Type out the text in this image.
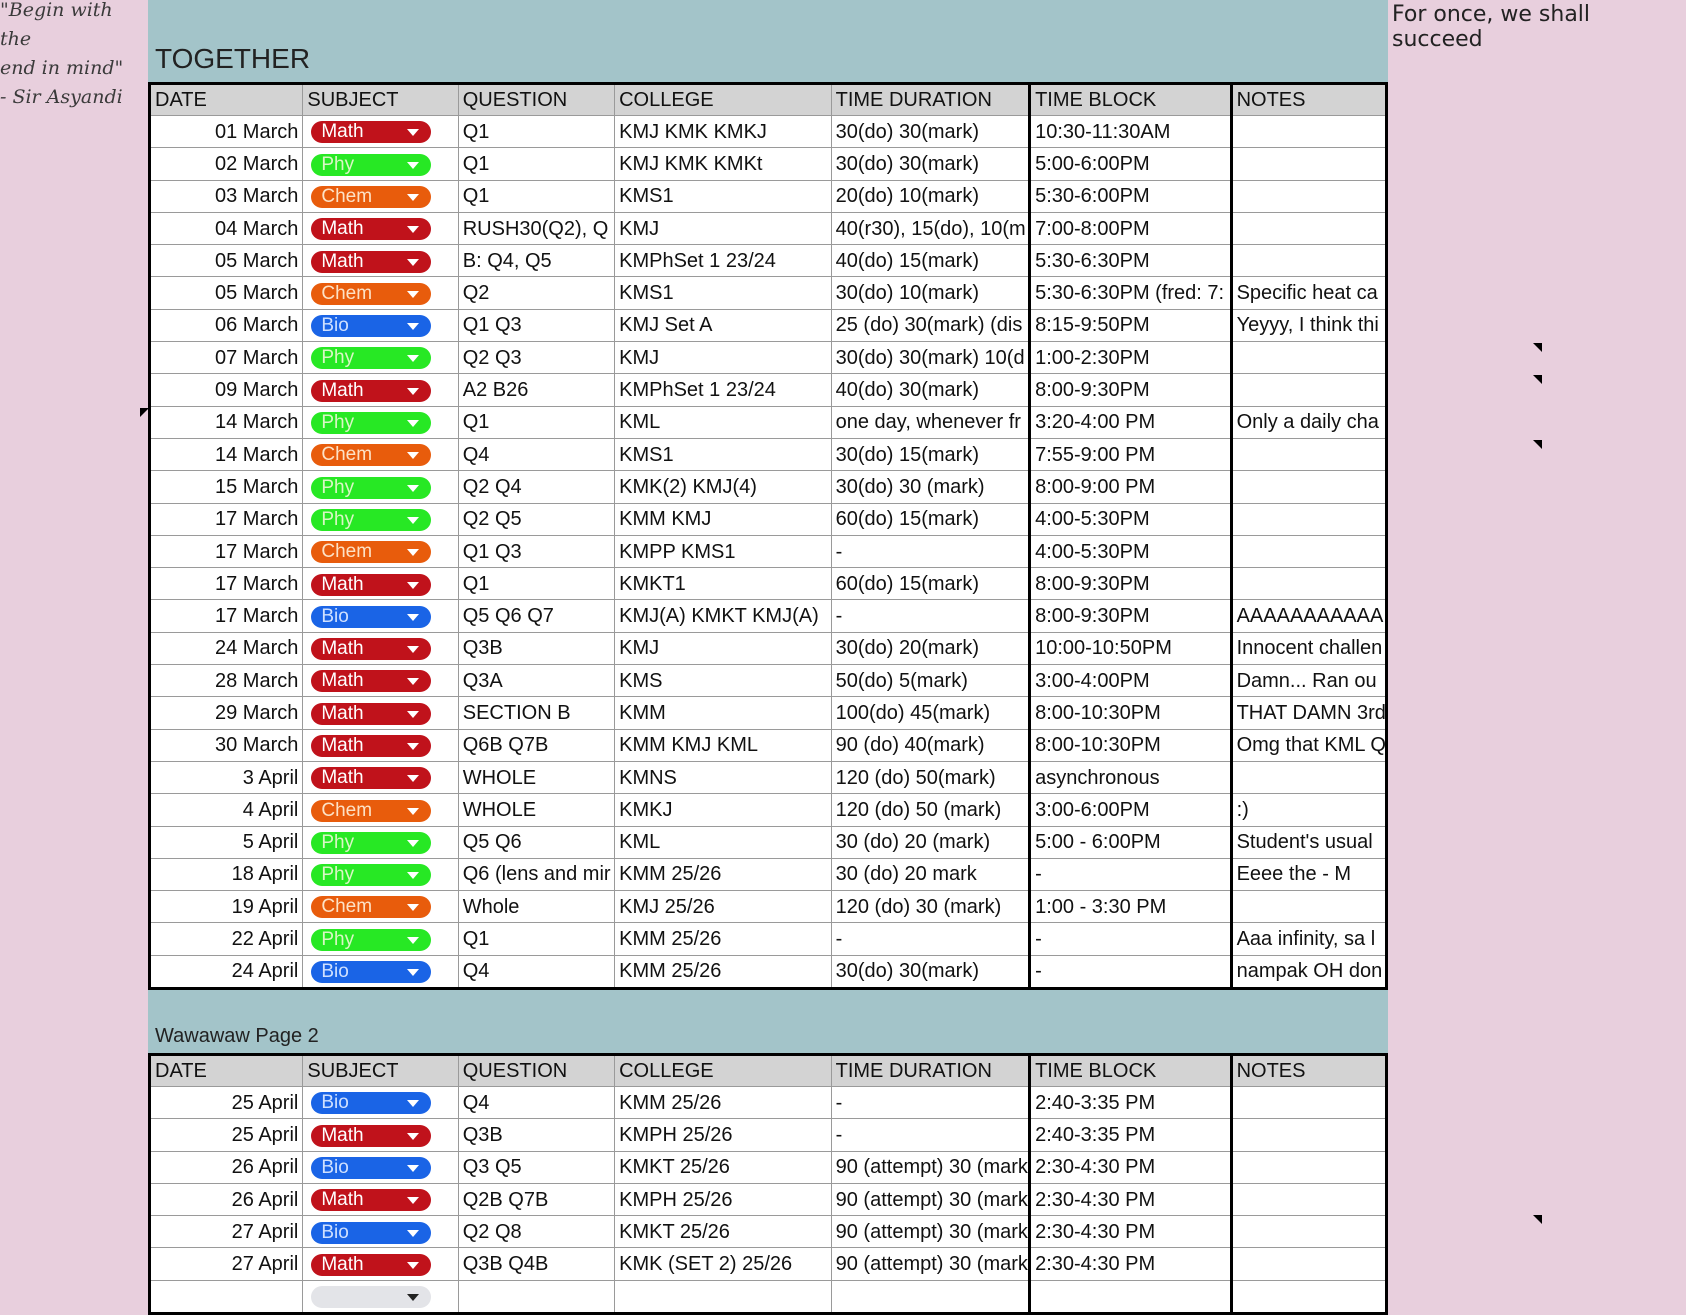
"Begin with the
end in mind"
- Sir Asyandi
For once, we shall succeed
TOGETHER
DATE	SUBJECT	QUESTION	COLLEGE	TIME DURATION	TIME BLOCK	NOTES
01 March	Math	Q1	KMJ KMK KMKJ	30(do) 30(mark)	10:30-11:30AM	
02 March	Phy	Q1	KMJ KMK KMKt	30(do) 30(mark)	5:00-6:00PM	
03 March	Chem	Q1	KMS1	20(do) 10(mark)	5:30-6:00PM	
04 March	Math	RUSH30(Q2), Q	KMJ	40(r30), 15(do), 10(m	7:00-8:00PM	
05 March	Math	B: Q4, Q5	KMPhSet 1 23/24	40(do) 15(mark)	5:30-6:30PM	
05 March	Chem	Q2	KMS1	30(do) 10(mark)	5:30-6:30PM (fred: 7:	Specific heat ca
06 March	Bio	Q1 Q3	KMJ Set A	25 (do) 30(mark) (dis	8:15-9:50PM	Yeyyy, I think thi
07 March	Phy	Q2 Q3	KMJ	30(do) 30(mark) 10(d	1:00-2:30PM	
09 March	Math	A2 B26	KMPhSet 1 23/24	40(do) 30(mark)	8:00-9:30PM	
14 March	Phy	Q1	KML	one day, whenever fr	3:20-4:00 PM	Only a daily cha
14 March	Chem	Q4	KMS1	30(do) 15(mark)	7:55-9:00 PM	
15 March	Phy	Q2 Q4	KMK(2) KMJ(4)	30(do) 30 (mark)	8:00-9:00 PM	
17 March	Phy	Q2 Q5	KMM KMJ	60(do) 15(mark)	4:00-5:30PM	
17 March	Chem	Q1 Q3	KMPP KMS1	-	4:00-5:30PM	
17 March	Math	Q1	KMKT1	60(do) 15(mark)	8:00-9:30PM	
17 March	Bio	Q5 Q6 Q7	KMJ(A) KMKT KMJ(A)	-	8:00-9:30PM	AAAAAAAAAAA
24 March	Math	Q3B	KMJ	30(do) 20(mark)	10:00-10:50PM	Innocent challen
28 March	Math	Q3A	KMS	50(do) 5(mark)	3:00-4:00PM	Damn... Ran ou
29 March	Math	SECTION B	KMM	100(do) 45(mark)	8:00-10:30PM	THAT DAMN 3rd
30 March	Math	Q6B Q7B	KMM KMJ KML	90 (do) 40(mark)	8:00-10:30PM	Omg that KML Q
3 April	Math	WHOLE	KMNS	120 (do) 50(mark)	asynchronous	
4 April	Chem	WHOLE	KMKJ	120 (do) 50 (mark)	3:00-6:00PM	:)
5 April	Phy	Q5 Q6	KML	30 (do) 20 (mark)	5:00 - 6:00PM	Student's usual
18 April	Phy	Q6 (lens and mir	KMM 25/26	30 (do) 20 mark	-	Eeee the - M
19 April	Chem	Whole	KMJ 25/26	120 (do) 30 (mark)	1:00 - 3:30 PM	
22 April	Phy	Q1	KMM 25/26	-	-	Aaa infinity, sa l
24 April	Bio	Q4	KMM 25/26	30(do) 30(mark)	-	nampak OH don
Wawawaw Page 2
DATE	SUBJECT	QUESTION	COLLEGE	TIME DURATION	TIME BLOCK	NOTES
25 April	Bio	Q4	KMM 25/26	-	2:40-3:35 PM	
25 April	Math	Q3B	KMPH 25/26	-	2:40-3:35 PM	
26 April	Bio	Q3 Q5	KMKT 25/26	90 (attempt) 30 (mark	2:30-4:30 PM	
26 April	Math	Q2B Q7B	KMPH 25/26	90 (attempt) 30 (mark	2:30-4:30 PM	
27 April	Bio	Q2 Q8	KMKT 25/26	90 (attempt) 30 (mark	2:30-4:30 PM	
27 April	Math	Q3B Q4B	KMK (SET 2) 25/26	90 (attempt) 30 (mark	2:30-4:30 PM	
